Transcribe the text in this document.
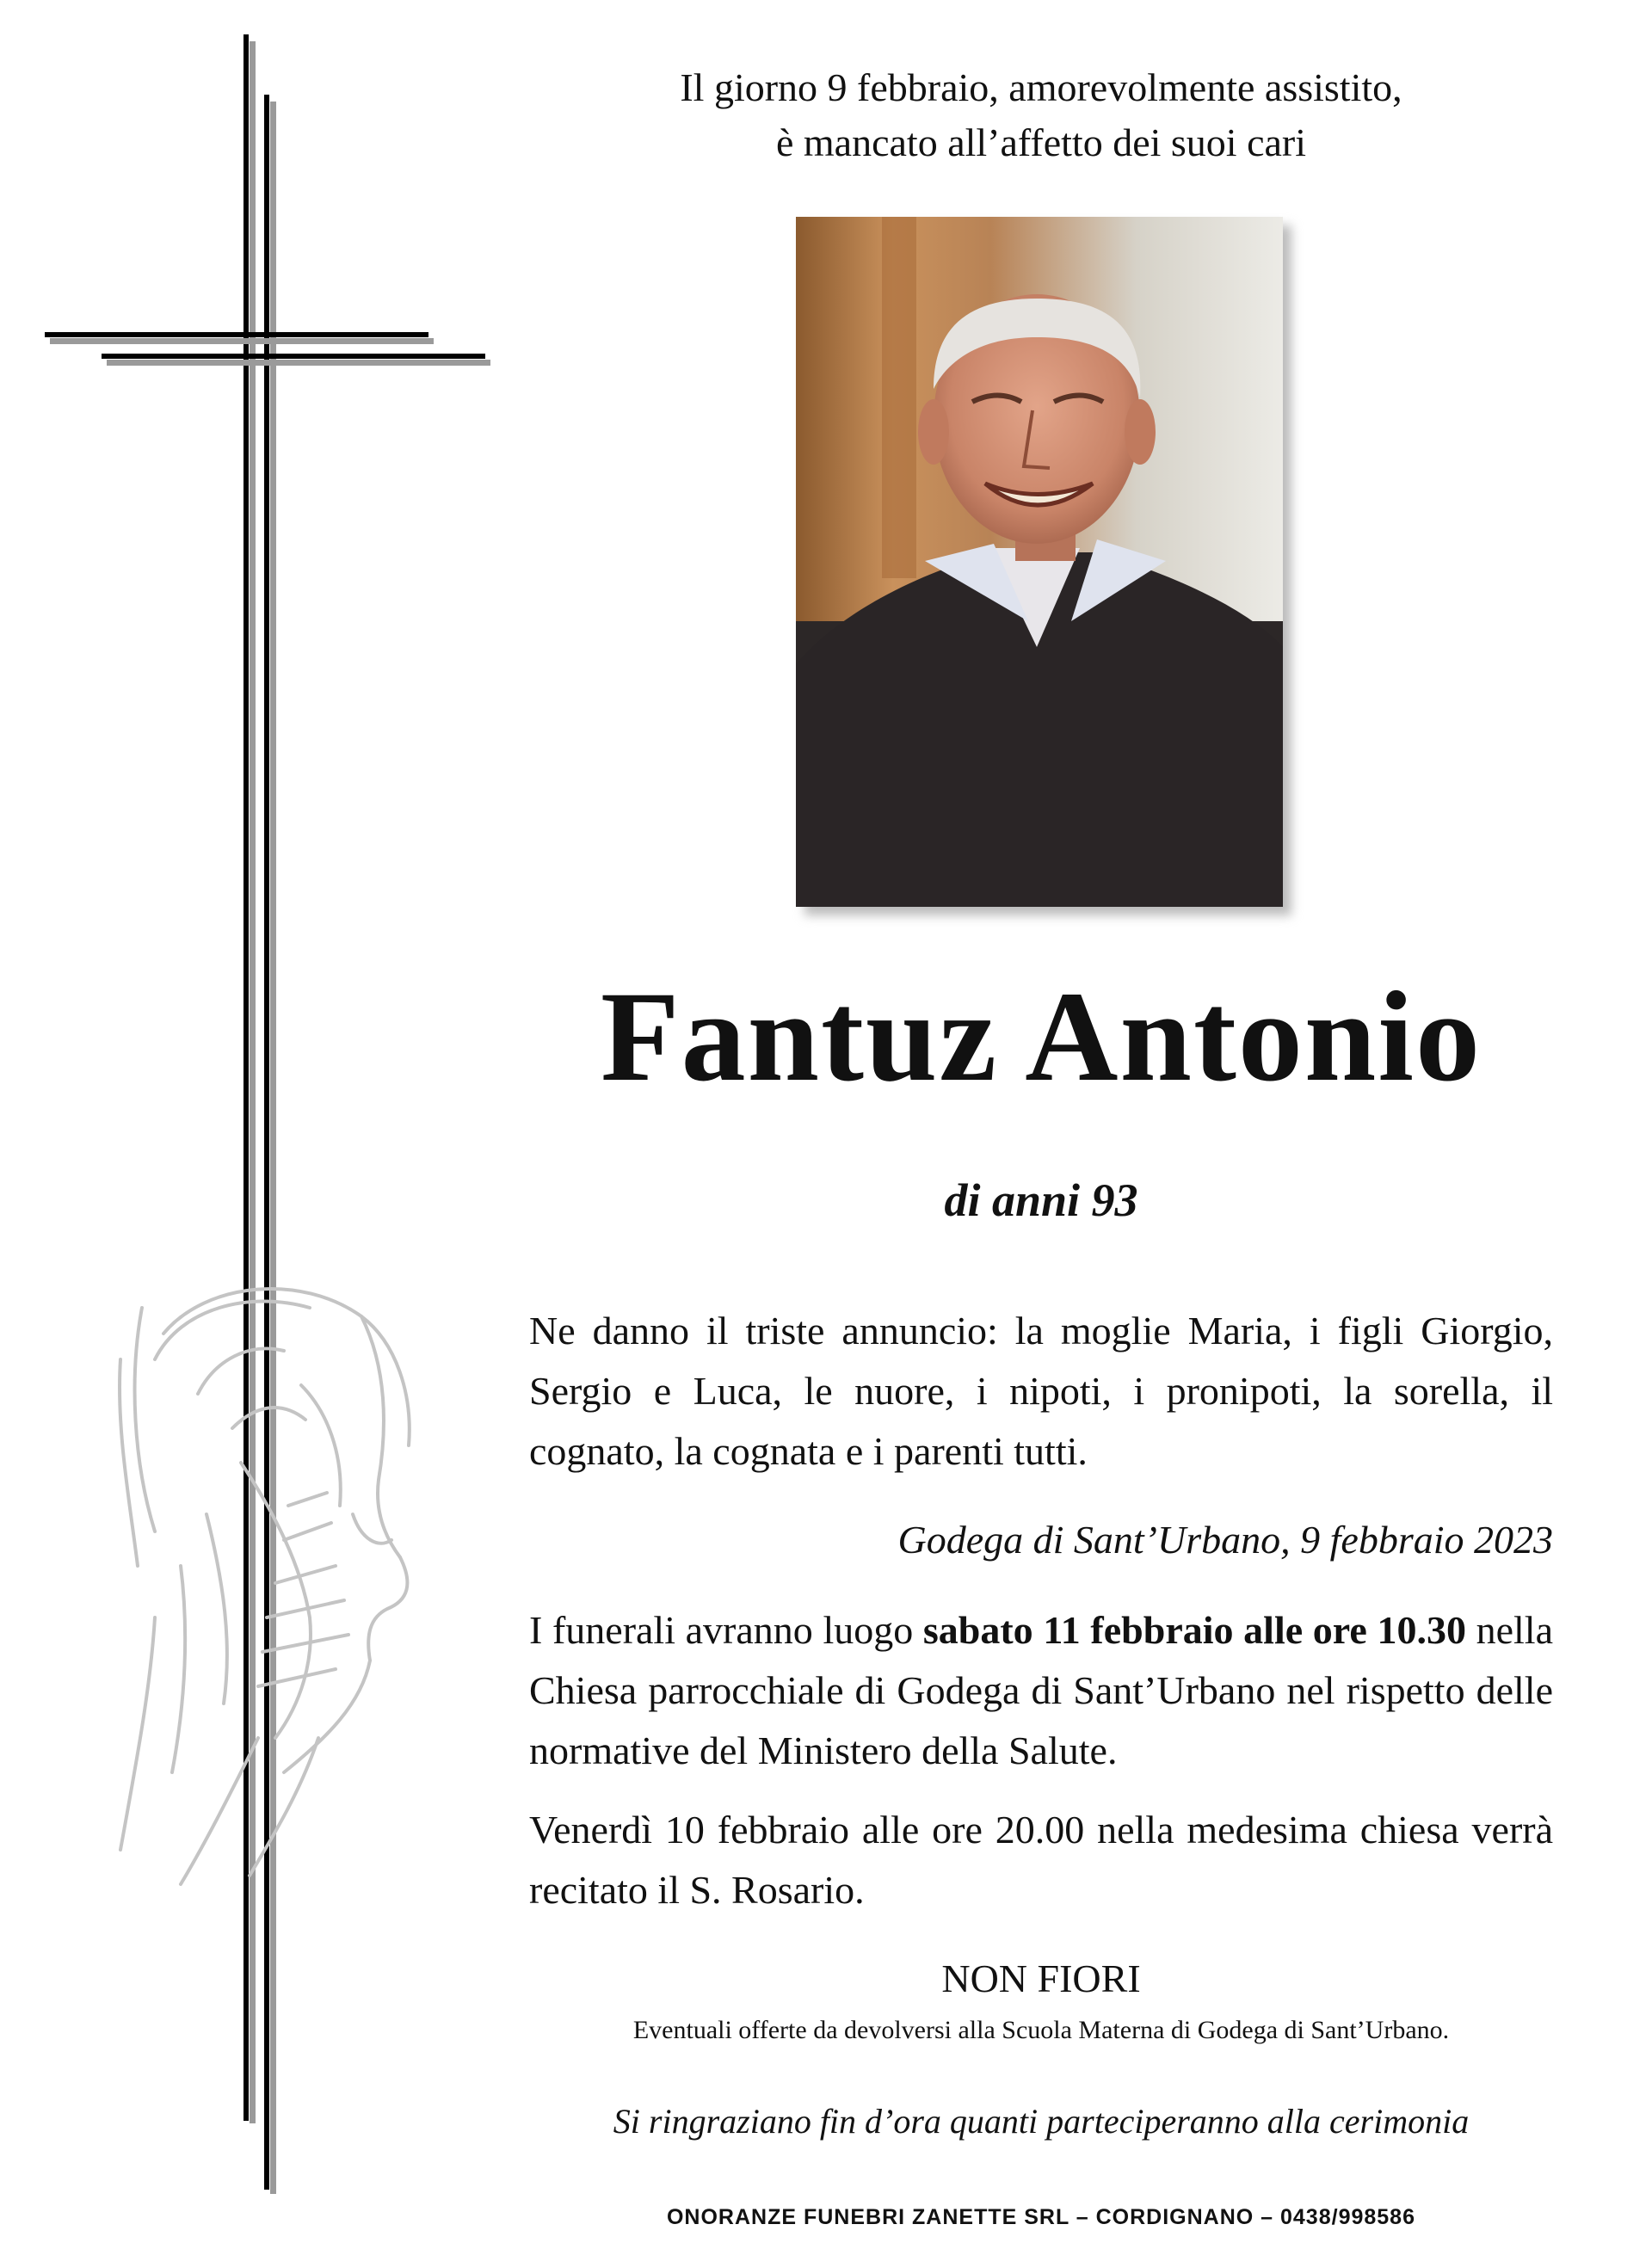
Il giorno 9 febbraio, amorevolmente assistito,
è mancato all’affetto dei suoi cari
Fantuz Antonio
di anni 93
Ne danno il triste annuncio: la moglie Maria, i figli Giorgio, Sergio e Luca, le nuore, i nipoti, i pronipoti, la sorella, il cognato, la cognata e i parenti tutti.
Godega di Sant’Urbano, 9 febbraio 2023
I funerali avranno luogo sabato 11 febbraio alle ore 10.30 nella Chiesa parrocchiale di Godega di Sant’Urbano nel rispetto delle normative del Ministero della Salute.
Venerdì 10 febbraio alle ore 20.00 nella medesima chiesa verrà recitato il S. Rosario.
NON FIORI
Eventuali offerte da devolversi alla Scuola Materna di Godega di Sant’Urbano.
Si ringraziano fin d’ora quanti parteciperanno alla cerimonia
ONORANZE FUNEBRI ZANETTE SRL – CORDIGNANO – 0438/998586
